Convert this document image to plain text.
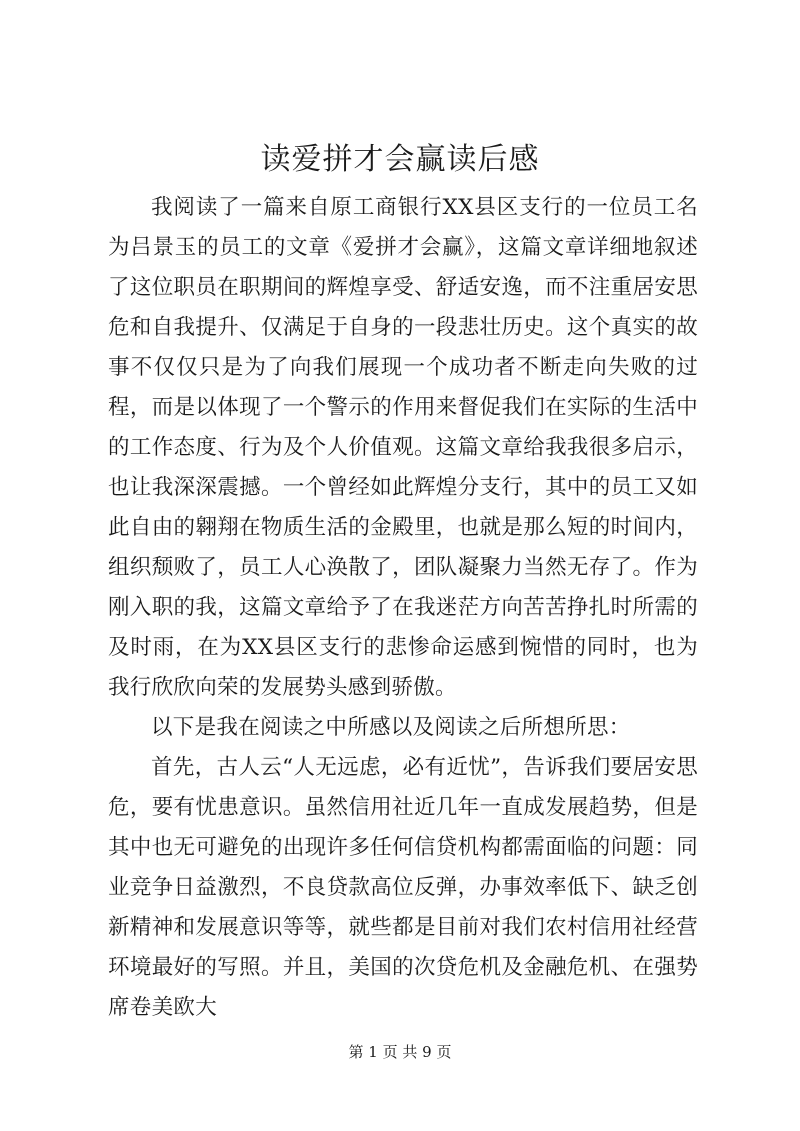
读爱拼才会赢读后感

我阅读了一篇来自原工商银行XX县区支行的一位员工名为吕景玉的员工的文章《爱拼才会赢》，这篇文章详细地叙述了这位职员在职期间的辉煌享受、舒适安逸，而不注重居安思危和自我提升、仅满足于自身的一段悲壮历史。这个真实的故事不仅仅只是为了向我们展现一个成功者不断走向失败的过程，而是以体现了一个警示的作用来督促我们在实际的生活中的工作态度、行为及个人价值观。这篇文章给我我很多启示，也让我深深震撼。一个曾经如此辉煌分支行，其中的员工又如此自由的翱翔在物质生活的金殿里，也就是那么短的时间内，组织颓败了，员工人心涣散了，团队凝聚力当然无存了。作为刚入职的我，这篇文章给予了在我迷茫方向苦苦挣扎时所需的及时雨，在为XX县区支行的悲惨命运感到惋惜的同时，也为我行欣欣向荣的发展势头感到骄傲。

以下是我在阅读之中所感以及阅读之后所想所思：

首先，古人云“人无远虑，必有近忧”，告诉我们要居安思危，要有忧患意识。虽然信用社近几年一直成发展趋势，但是其中也无可避免的出现许多任何信贷机构都需面临的问题：同业竞争日益激烈，不良贷款高位反弹，办事效率低下、缺乏创新精神和发展意识等等，就些都是目前对我们农村信用社经营环境最好的写照。并且，美国的次贷危机及金融危机、在强势席卷美欧大

第 1 页 共 9 页
